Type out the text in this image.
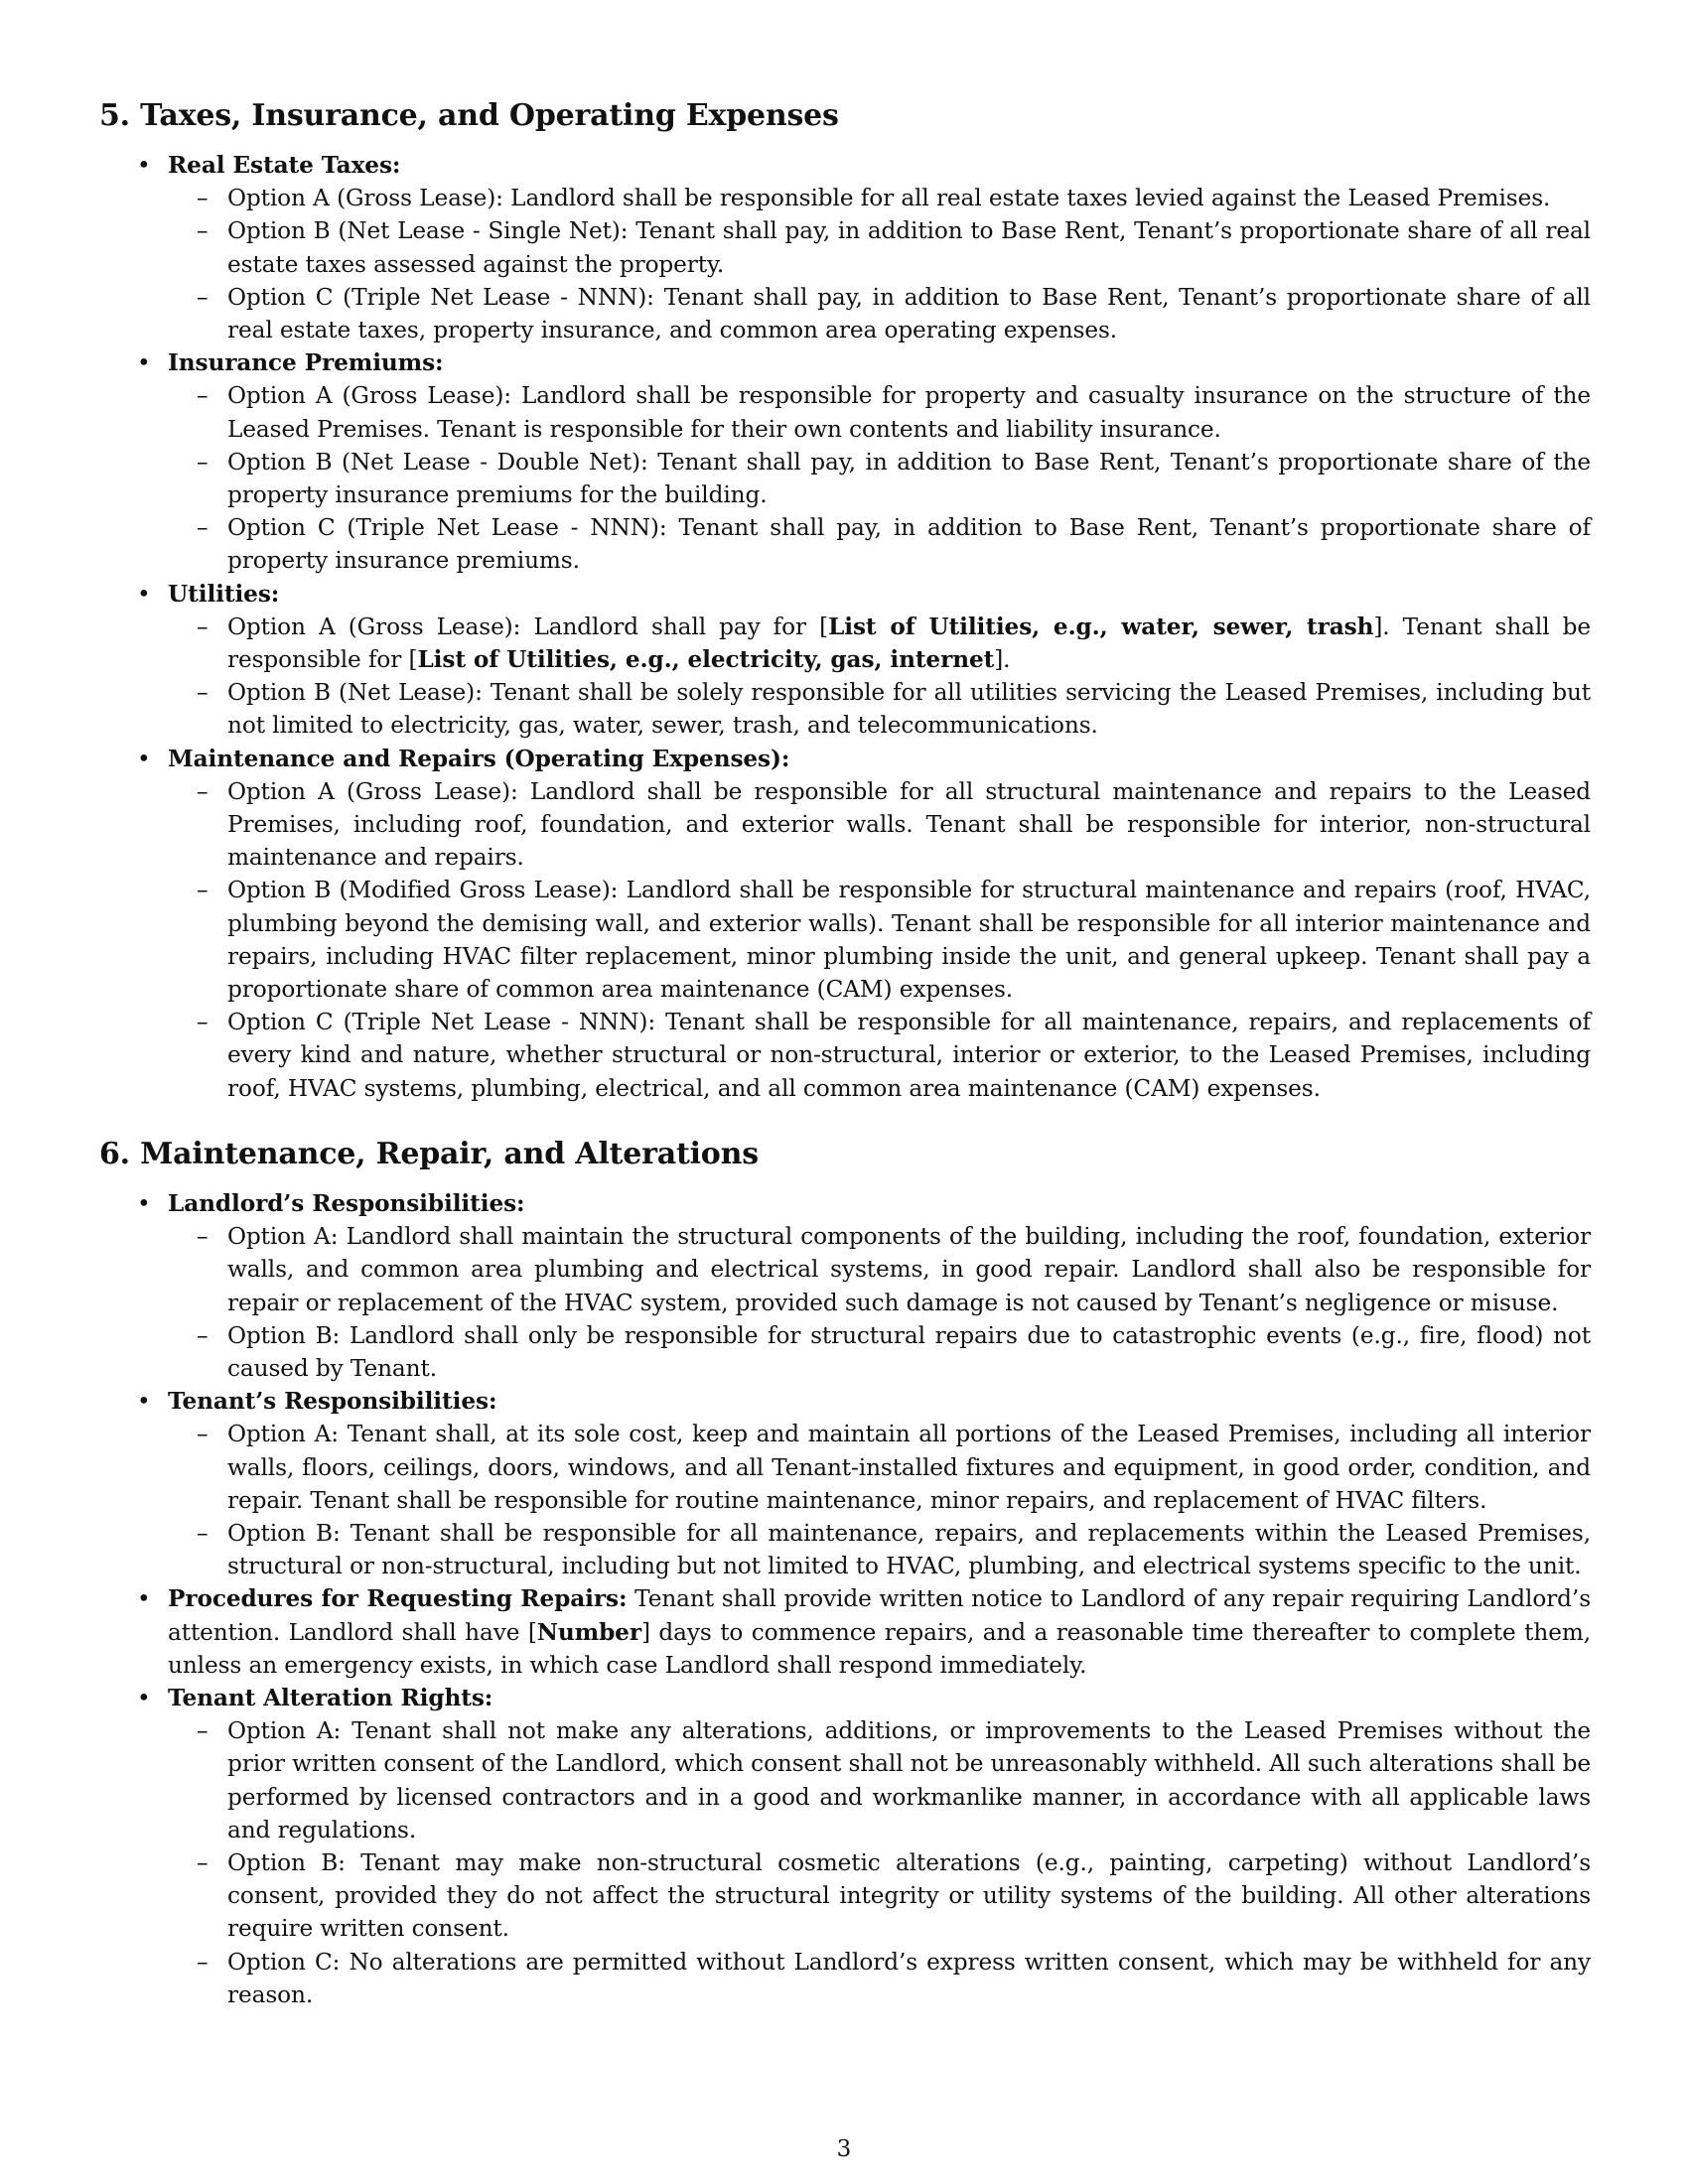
5. Taxes, Insurance, and Operating Expenses
• Real Estate Taxes:
– Option A (Gross Lease): Landlord shall be responsible for all real estate taxes levied against the Leased Premises.
– Option B (Net Lease - Single Net): Tenant shall pay, in addition to Base Rent, Tenant’s proportionate share of all real estate taxes assessed against the property.
– Option C (Triple Net Lease - NNN): Tenant shall pay, in addition to Base Rent, Tenant’s proportionate share of all real estate taxes, property insurance, and common area operating expenses.
• Insurance Premiums:
– Option A (Gross Lease): Landlord shall be responsible for property and casualty insurance on the structure of the Leased Premises. Tenant is responsible for their own contents and liability insurance.
– Option B (Net Lease - Double Net): Tenant shall pay, in addition to Base Rent, Tenant’s proportionate share of the property insurance premiums for the building.
– Option C (Triple Net Lease - NNN): Tenant shall pay, in addition to Base Rent, Tenant’s proportionate share of property insurance premiums.
• Utilities:
– Option A (Gross Lease): Landlord shall pay for [List of Utilities, e.g., water, sewer, trash]. Tenant shall be responsible for [List of Utilities, e.g., electricity, gas, internet].
– Option B (Net Lease): Tenant shall be solely responsible for all utilities servicing the Leased Premises, including but not limited to electricity, gas, water, sewer, trash, and telecommunications.
• Maintenance and Repairs (Operating Expenses):
– Option A (Gross Lease): Landlord shall be responsible for all structural maintenance and repairs to the Leased Premises, including roof, foundation, and exterior walls. Tenant shall be responsible for interior, non-structural maintenance and repairs.
– Option B (Modified Gross Lease): Landlord shall be responsible for structural maintenance and repairs (roof, HVAC, plumbing beyond the demising wall, and exterior walls). Tenant shall be responsible for all interior maintenance and repairs, including HVAC filter replacement, minor plumbing inside the unit, and general upkeep. Tenant shall pay a proportionate share of common area maintenance (CAM) expenses.
– Option C (Triple Net Lease - NNN): Tenant shall be responsible for all maintenance, repairs, and replacements of every kind and nature, whether structural or non-structural, interior or exterior, to the Leased Premises, including roof, HVAC systems, plumbing, electrical, and all common area maintenance (CAM) expenses.
6. Maintenance, Repair, and Alterations
• Landlord’s Responsibilities:
– Option A: Landlord shall maintain the structural components of the building, including the roof, foundation, exterior walls, and common area plumbing and electrical systems, in good repair. Landlord shall also be responsible for repair or replacement of the HVAC system, provided such damage is not caused by Tenant’s negligence or misuse.
– Option B: Landlord shall only be responsible for structural repairs due to catastrophic events (e.g., fire, flood) not caused by Tenant.
• Tenant’s Responsibilities:
– Option A: Tenant shall, at its sole cost, keep and maintain all portions of the Leased Premises, including all interior walls, floors, ceilings, doors, windows, and all Tenant-installed fixtures and equipment, in good order, condition, and repair. Tenant shall be responsible for routine maintenance, minor repairs, and replacement of HVAC filters.
– Option B: Tenant shall be responsible for all maintenance, repairs, and replacements within the Leased Premises, structural or non-structural, including but not limited to HVAC, plumbing, and electrical systems specific to the unit.
• Procedures for Requesting Repairs: Tenant shall provide written notice to Landlord of any repair requiring Landlord’s attention. Landlord shall have [Number] days to commence repairs, and a reasonable time thereafter to complete them, unless an emergency exists, in which case Landlord shall respond immediately.
• Tenant Alteration Rights:
– Option A: Tenant shall not make any alterations, additions, or improvements to the Leased Premises without the prior written consent of the Landlord, which consent shall not be unreasonably withheld. All such alterations shall be performed by licensed contractors and in a good and workmanlike manner, in accordance with all applicable laws and regulations.
– Option B: Tenant may make non-structural cosmetic alterations (e.g., painting, carpeting) without Landlord’s consent, provided they do not affect the structural integrity or utility systems of the building. All other alterations require written consent.
– Option C: No alterations are permitted without Landlord’s express written consent, which may be withheld for any reason.
3
